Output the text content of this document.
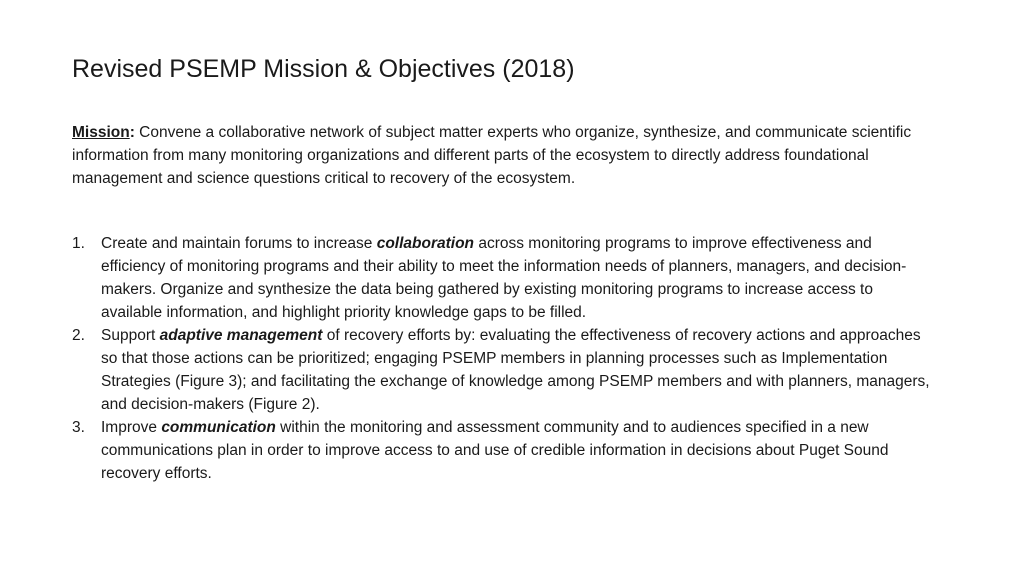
Revised PSEMP Mission & Objectives (2018)

Mission: Convene a collaborative network of subject matter experts who organize, synthesize, and communicate scientific information from many monitoring organizations and different parts of the ecosystem to directly address foundational management and science questions critical to recovery of the ecosystem.

1. Create and maintain forums to increase collaboration across monitoring programs to improve effectiveness and efficiency of monitoring programs and their ability to meet the information needs of planners, managers, and decision-makers. Organize and synthesize the data being gathered by existing monitoring programs to increase access to available information, and highlight priority knowledge gaps to be filled.
2. Support adaptive management of recovery efforts by: evaluating the effectiveness of recovery actions and approaches so that those actions can be prioritized; engaging PSEMP members in planning processes such as Implementation Strategies (Figure 3); and facilitating the exchange of knowledge among PSEMP members and with planners, managers, and decision-makers (Figure 2).
3. Improve communication within the monitoring and assessment community and to audiences specified in a new communications plan in order to improve access to and use of credible information in decisions about Puget Sound recovery efforts.
